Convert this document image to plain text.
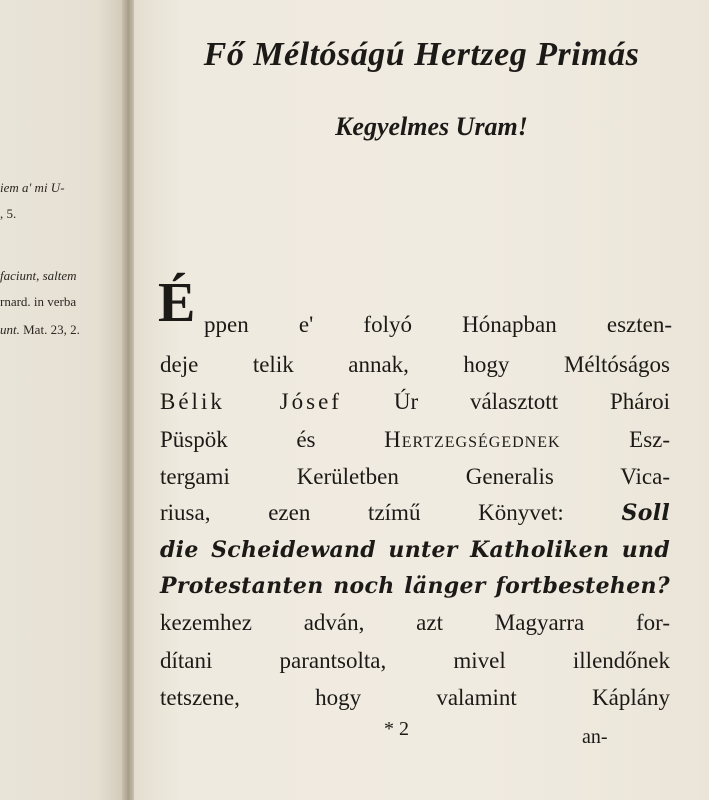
iem a' mi U-
, 5.
faciunt, saltem
rnard. in verba
unt. Mat. 23, 2.
Fő Méltóságú Hertzeg Primás
Kegyelmes Uram!
É ppen e' folyó Hónapban eszten-
deje telik annak, hogy Méltóságos
Bélik Jósef Úr választott Phároi
Püspök és	Hertzegségednek	Esz-
tergami Kerületben Generalis Vica-
riusa, ezen tzímű Könyvet:	Soll
die Scheidewand unter Katholiken und
Protestanten noch länger fortbestehen?
kezemhez adván, azt Magyarra for-
dítani parantsolta, mivel illendőnek
tetszene, hogy valamint Káplány
* 2	an-
